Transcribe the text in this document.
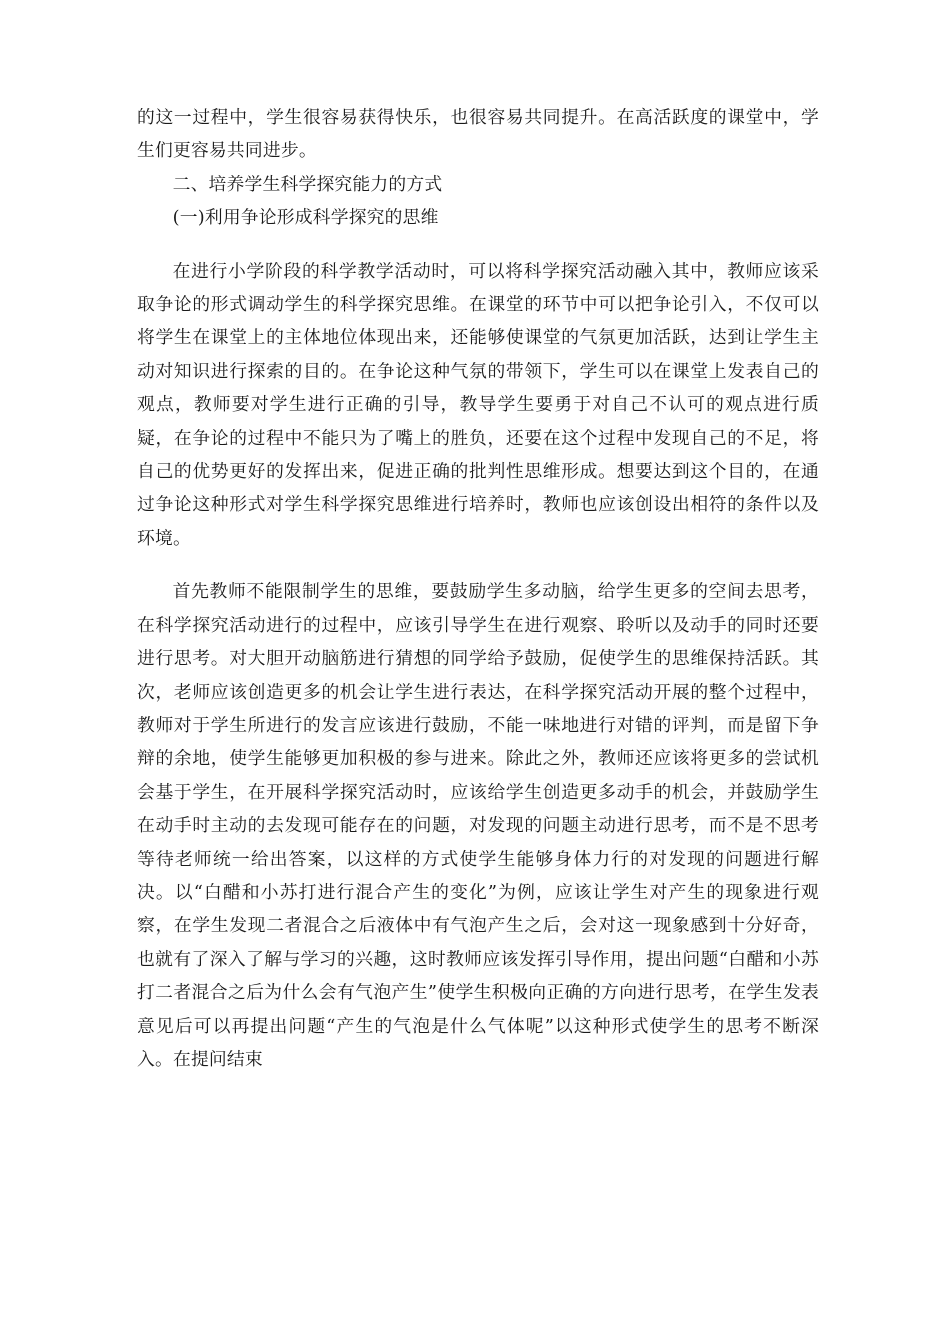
的这一过程中，学生很容易获得快乐，也很容易共同提升。在高活跃度的课堂中，学生们更容易共同进步。

二、培养学生科学探究能力的方式

(一)利用争论形成科学探究的思维

在进行小学阶段的科学教学活动时，可以将科学探究活动融入其中，教师应该采取争论的形式调动学生的科学探究思维。在课堂的环节中可以把争论引入，不仅可以将学生在课堂上的主体地位体现出来，还能够使课堂的气氛更加活跃，达到让学生主动对知识进行探索的目的。在争论这种气氛的带领下，学生可以在课堂上发表自己的观点，教师要对学生进行正确的引导，教导学生要勇于对自己不认可的观点进行质疑，在争论的过程中不能只为了嘴上的胜负，还要在这个过程中发现自己的不足，将自己的优势更好的发挥出来，促进正确的批判性思维形成。想要达到这个目的，在通过争论这种形式对学生科学探究思维进行培养时，教师也应该创设出相符的条件以及环境。

首先教师不能限制学生的思维，要鼓励学生多动脑，给学生更多的空间去思考，在科学探究活动进行的过程中，应该引导学生在进行观察、聆听以及动手的同时还要进行思考。对大胆开动脑筋进行猜想的同学给予鼓励，促使学生的思维保持活跃。其次，老师应该创造更多的机会让学生进行表达，在科学探究活动开展的整个过程中，教师对于学生所进行的发言应该进行鼓励，不能一味地进行对错的评判，而是留下争辩的余地，使学生能够更加积极的参与进来。除此之外，教师还应该将更多的尝试机会基于学生，在开展科学探究活动时，应该给学生创造更多动手的机会，并鼓励学生在动手时主动的去发现可能存在的问题，对发现的问题主动进行思考，而不是不思考等待老师统一给出答案，以这样的方式使学生能够身体力行的对发现的问题进行解决。以“白醋和小苏打进行混合产生的变化”为例，应该让学生对产生的现象进行观察，在学生发现二者混合之后液体中有气泡产生之后，会对这一现象感到十分好奇，也就有了深入了解与学习的兴趣，这时教师应该发挥引导作用，提出问题“白醋和小苏打二者混合之后为什么会有气泡产生”使学生积极向正确的方向进行思考，在学生发表意见后可以再提出问题“产生的气泡是什么气体呢”以这种形式使学生的思考不断深入。在提问结束
